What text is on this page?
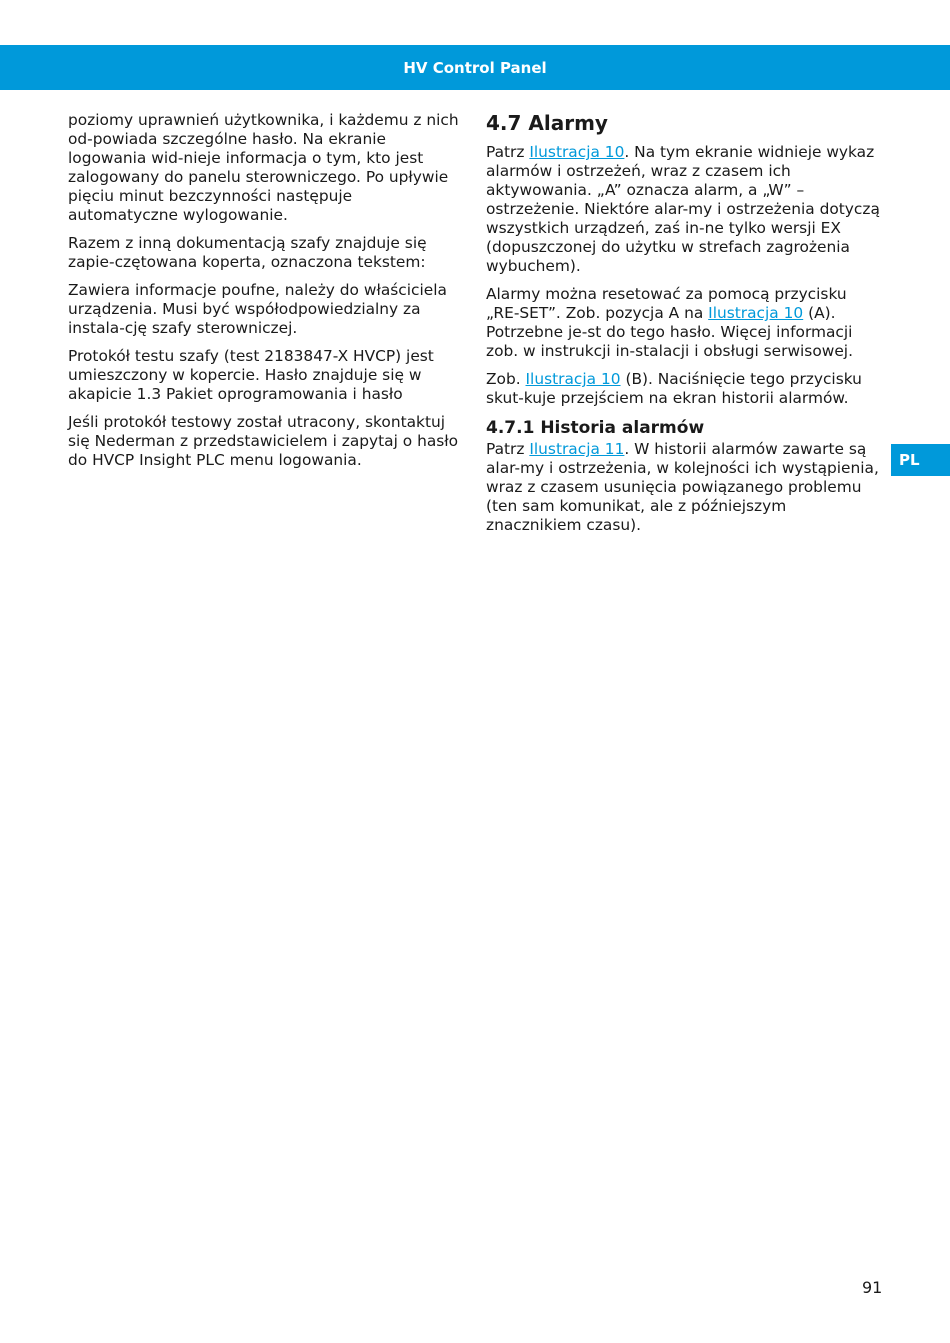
HV Control Panel

poziomy uprawnień użytkownika, i każdemu z nich od-powiada szczególne hasło. Na ekranie logowania wid-nieje informacja o tym, kto jest zalogowany do panelu sterowniczego. Po upływie pięciu minut bezczynności następuje automatyczne wylogowanie.

Razem z inną dokumentacją szafy znajduje się zapie-czętowana koperta, oznaczona tekstem:

Zawiera informacje poufne, należy do właściciela urządzenia. Musi być współodpowiedzialny za instala-cję szafy sterowniczej.

Protokół testu szafy (test 2183847-X HVCP) jest umieszczony w kopercie. Hasło znajduje się w akapicie 1.3 Pakiet oprogramowania i hasło

Jeśli protokół testowy został utracony, skontaktuj się Nederman z przedstawicielem i zapytaj o hasło do HVCP Insight PLC menu logowania.

4.7 Alarmy

Patrz Ilustracja 10. Na tym ekranie widnieje wykaz alarmów i ostrzeżeń, wraz z czasem ich aktywowania. „A” oznacza alarm, a „W” – ostrzeżenie. Niektóre alar-my i ostrzeżenia dotyczą wszystkich urządzeń, zaś in-ne tylko wersji EX (dopuszczonej do użytku w strefach zagrożenia wybuchem).

Alarmy można resetować za pomocą przycisku „RE-SET”. Zob. pozycja A na Ilustracja 10 (A). Potrzebne je-st do tego hasło. Więcej informacji zob. w instrukcji in-stalacji i obsługi serwisowej.

Zob. Ilustracja 10 (B). Naciśnięcie tego przycisku skut-kuje przejściem na ekran historii alarmów.

4.7.1 Historia alarmów

Patrz Ilustracja 11. W historii alarmów zawarte są alar-my i ostrzeżenia, w kolejności ich wystąpienia, wraz z czasem usunięcia powiązanego problemu (ten sam komunikat, ale z późniejszym znacznikiem czasu).

PL
91
